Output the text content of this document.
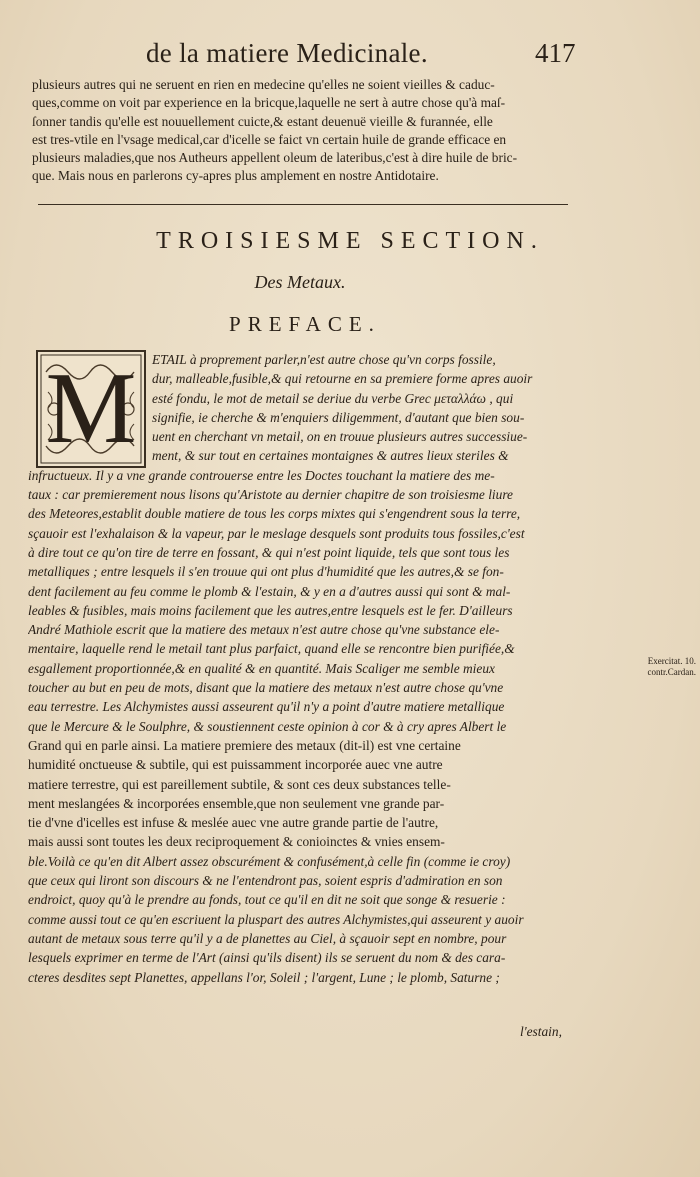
de la matiere Medicinale.	417
plusieurs autres qui ne seruent en rien en medecine qu'elles ne soient vieilles & caduc-
ques,comme on voit par experience en la bricque,laquelle ne sert à autre chose qu'à maſ-
ſonner tandis qu'elle est nouuellement cuicte,& estant deuenuë vieille & furannée, elle
est tres-vtile en l'vsage medical,car d'icelle se faict vn certain huile de grande efficace en
plusieurs maladies,que nos Autheurs appellent oleum de lateribus,c'est à dire huile de bric-
que. Mais nous en parlerons cy-apres plus amplement en nostre Antidotaire.
TROISIESME SECTION.
Des Metaux.
PREFACE.
ETAIL à proprement parler,n'est autre chose qu'vn corps fossile,
dur, malleable,fusible,& qui retourne en sa premiere forme apres auoir
esté fondu, le mot de metail se deriue du verbe Grec μεταλλάω , qui
signifie, ie cherche & m'enquiers diligemment, d'autant que bien sou-
uent en cherchant vn metail, on en trouue plusieurs autres successiue-
ment, & sur tout en certaines montaignes & autres lieux steriles &
infructueux. Il y a vne grande controuerse entre les Doctes touchant la matiere des me-
taux : car premierement nous lisons qu'Aristote au dernier chapitre de son troisiesme liure
des Meteores,establit double matiere de tous les corps mixtes qui s'engendrent sous la terre,
sçauoir est l'exhalaison & la vapeur, par le meslage desquels sont produits tous fossiles,c'est
à dire tout ce qu'on tire de terre en fossant, & qui n'est point liquide, tels que sont tous les
metalliques ; entre lesquels il s'en trouue qui ont plus d'humidité que les autres,& se fon-
dent facilement au feu comme le plomb & l'estain, & y en a d'autres aussi qui sont & mal-
leables & fusibles, mais moins facilement que les autres,entre lesquels est le fer. D'ailleurs
André Mathiole escrit que la matiere des metaux n'est autre chose qu'vne substance ele-
mentaire, laquelle rend le metail tant plus parfaict, quand elle se rencontre bien purifiée,&
esgallement proportionnée,& en qualité & en quantité. Mais Scaliger me semble mieux
toucher au but en peu de mots, disant que la matiere des metaux n'est autre chose qu'vne
eau terrestre. Les Alchymistes aussi asseurent qu'il n'y a point d'autre matiere metallique
que le Mercure & le Soulphre, & soustiennent ceste opinion à cor & à cry apres Albert le
Grand qui en parle ainsi. La matiere premiere des metaux (dit-il) est vne certaine
humidité onctueuse & subtile, qui est puissamment incorporée auec vne autre
matiere terrestre, qui est pareillement subtile, & sont ces deux substances telle-
ment meslangées & incorporées ensemble,que non seulement vne grande par-
tie d'vne d'icelles est infuse & meslée auec vne autre grande partie de l'autre,
mais aussi sont toutes les deux reciproquement & conioinctes & vnies ensem-
ble.Voilà ce qu'en dit Albert assez obscurément & confusément,à celle fin (comme ie croy)
que ceux qui liront son discours & ne l'entendront pas, soient espris d'admiration en son
endroict, quoy qu'à le prendre au fonds, tout ce qu'il en dit ne soit que songe & resuerie :
comme aussi tout ce qu'en escriuent la pluspart des autres Alchymistes,qui asseurent y auoir
autant de metaux sous terre qu'il y a de planettes au Ciel, à sçauoir sept en nombre, pour
lesquels exprimer en terme de l'Art (ainsi qu'ils disent) ils se seruent du nom & des cara-
cteres desdites sept Planettes, appellans l'or, Soleil ; l'argent, Lune ; le plomb, Saturne ;
M
Exercitat. 10.
contr.Cardan.
l'estain,
